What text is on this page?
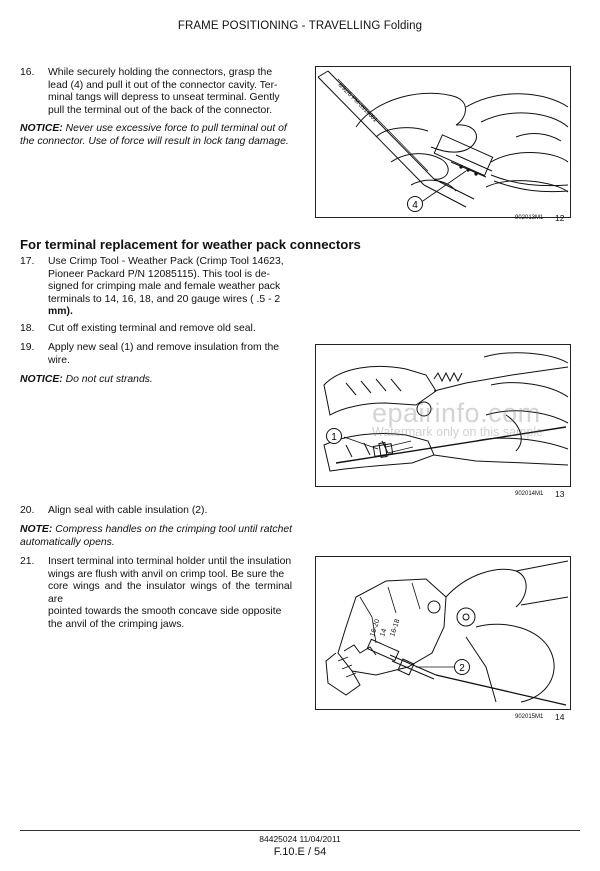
FRAME POSITIONING - TRAVELLING Folding
16. While securely holding the connectors, grasp the
lead (4) and pull it out of the connector cavity. Ter-
minal tangs will depress to unseat terminal. Gently
pull the terminal out of the back of the connector.
NOTICE: Never use excessive force to pull terminal out of
the connector. Use of force will result in lock tang damage.
4
8/92/6 PM-3910001
902013M1 12
For terminal replacement for weather pack connectors
17. Use Crimp Tool - Weather Pack (Crimp Tool 14623,
Pioneer Packard P/N 12085115). This tool is de-
signed for crimping male and female weather pack
terminals to 14, 16, 18, and 20 gauge wires ( .5 - 2
mm).
18. Cut off existing terminal and remove old seal.
19. Apply new seal (1) and remove insulation from the
wire.
NOTICE: Do not cut strands.
1
902014M1 13
epairinfo.com
Watermark only on this sample
20. Align seal with cable insulation (2).
NOTE: Compress handles on the crimping tool until ratchet
automatically opens.
21. Insert terminal into terminal holder until the insulation
wings are flush with anvil on crimp tool. Be sure the
core wings and the insulator wings of the terminal are
pointed towards the smooth concave side opposite
the anvil of the crimping jaws.	16-20
14 16-18
2
902015M1 14
84425024 11/04/2011
F.10.E / 54
